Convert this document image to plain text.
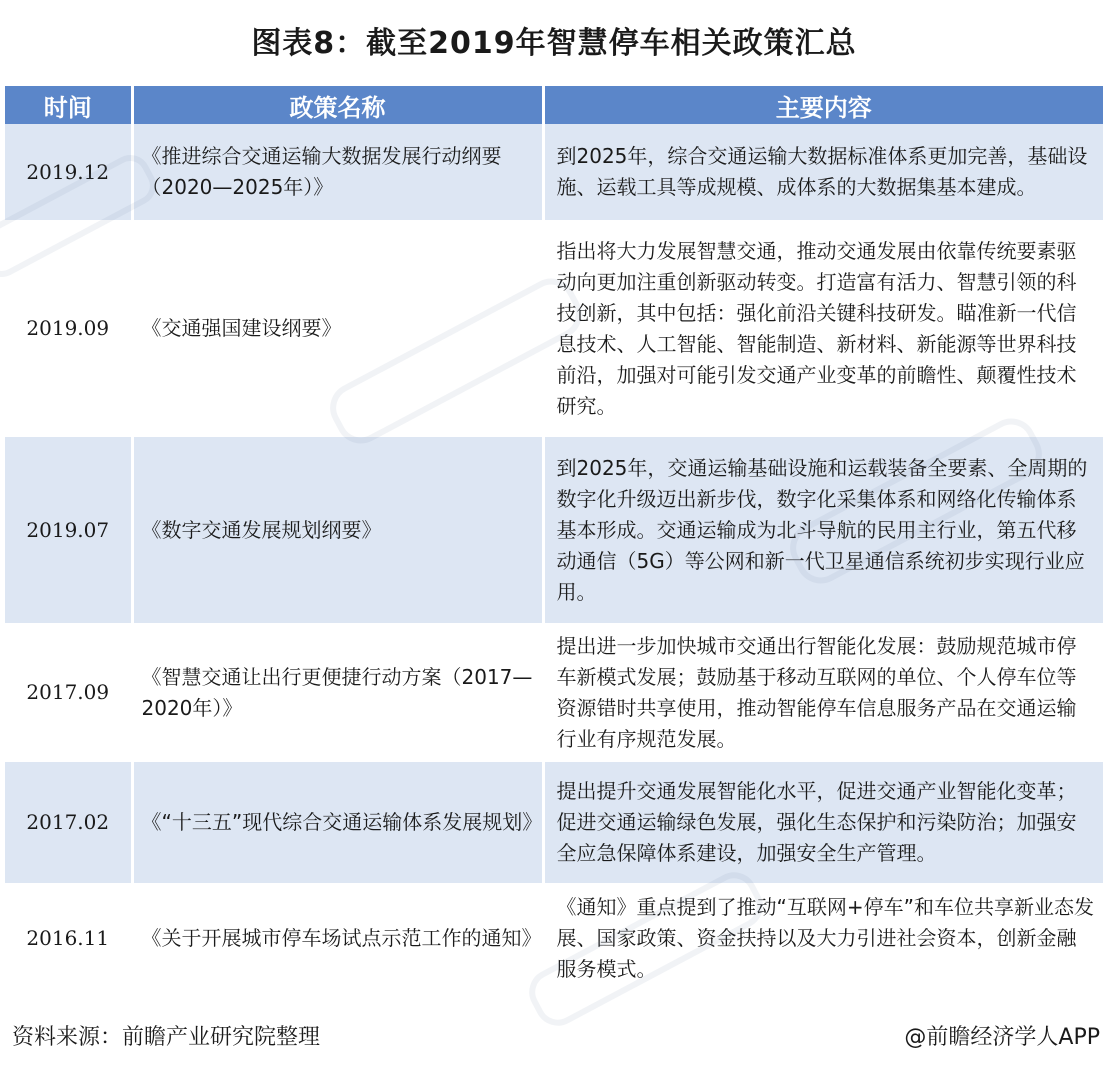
图表8：截至2019年智慧停车相关政策汇总
时间	政策名称	主要内容
2019.12	《推进综合交通运输大数据发展行动纲要（2020—2025年）》	到2025年，综合交通运输大数据标准体系更加完善，基础设施、运载工具等成规模、成体系的大数据集基本建成。
2019.09	《交通强国建设纲要》	指出将大力发展智慧交通，推动交通发展由依靠传统要素驱动向更加注重创新驱动转变。打造富有活力、智慧引领的科技创新，其中包括：强化前沿关键科技研发。瞄准新一代信息技术、人工智能、智能制造、新材料、新能源等世界科技前沿，加强对可能引发交通产业变革的前瞻性、颠覆性技术研究。
2019.07	《数字交通发展规划纲要》	到2025年，交通运输基础设施和运载装备全要素、全周期的数字化升级迈出新步伐，数字化采集体系和网络化传输体系基本形成。交通运输成为北斗导航的民用主行业，第五代移动通信（5G）等公网和新一代卫星通信系统初步实现行业应用。
2017.09	《智慧交通让出行更便捷行动方案（2017—2020年）》	提出进一步加快城市交通出行智能化发展：鼓励规范城市停车新模式发展；鼓励基于移动互联网的单位、个人停车位等资源错时共享使用，推动智能停车信息服务产品在交通运输行业有序规范发展。
2017.02	《“十三五”现代综合交通运输体系发展规划》	提出提升交通发展智能化水平，促进交通产业智能化变革；促进交通运输绿色发展，强化生态保护和污染防治；加强安全应急保障体系建设，加强安全生产管理。
2016.11	《关于开展城市停车场试点示范工作的通知》	《通知》重点提到了推动“互联网+停车”和车位共享新业态发展、国家政策、资金扶持以及大力引进社会资本，创新金融服务模式。
资料来源：前瞻产业研究院整理	@前瞻经济学人APP
